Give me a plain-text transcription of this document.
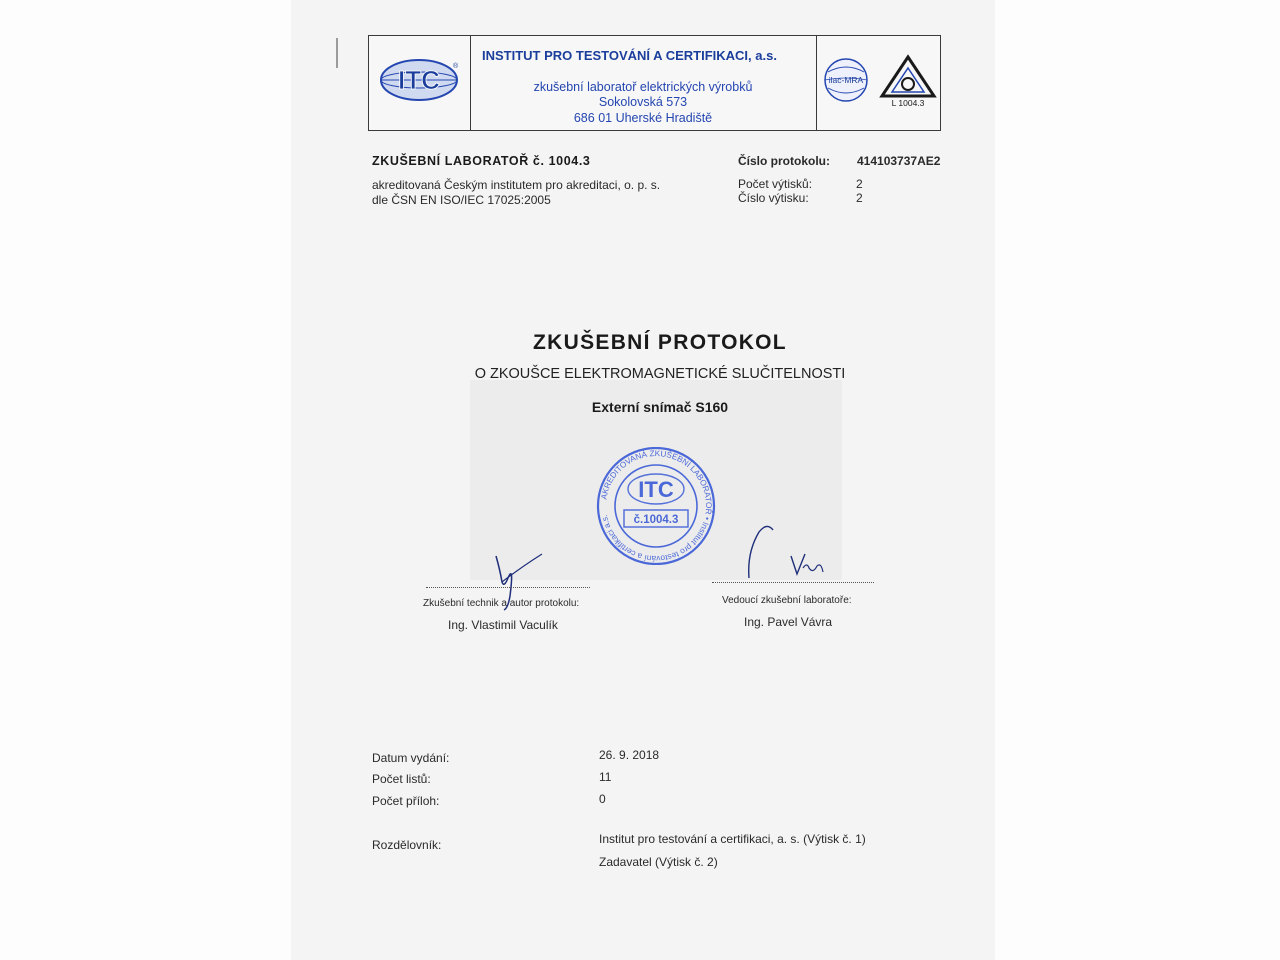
ITC ®
INSTITUT PRO TESTOVÁNÍ A CERTIFIKACI, a.s.
zkušební laboratoř elektrických výrobků
Sokolovská 573
686 01 Uherské Hradiště
ilac-MRA
L 1004.3
ZKUŠEBNÍ LABORATOŘ č. 1004.3
akreditovaná Českým institutem pro akreditaci, o. p. s.
dle ČSN EN ISO/IEC 17025:2005
Číslo protokolu: 414103737AE2
Počet výtisků:	2
Číslo výtisku:	2
ZKUŠEBNÍ PROTOKOL
O ZKOUŠCE ELEKTROMAGNETICKÉ SLUČITELNOSTI
Externí snímač S160
AKREDITOVANÁ ZKUŠEBNÍ LABORATOŘ • Institut pro testování a certifikaci a.s.
ITC
č.1004.3
Zkušební technik a autor protokolu:
Ing. Vlastimil Vaculík
Vedoucí zkušební laboratoře:
Ing. Pavel Vávra
Datum vydání:	26. 9. 2018
Počet listů:	11
Počet příloh:	0
Rozdělovník:	Institut pro testování a certifikaci, a. s. (Výtisk č. 1)
Zadavatel (Výtisk č. 2)
